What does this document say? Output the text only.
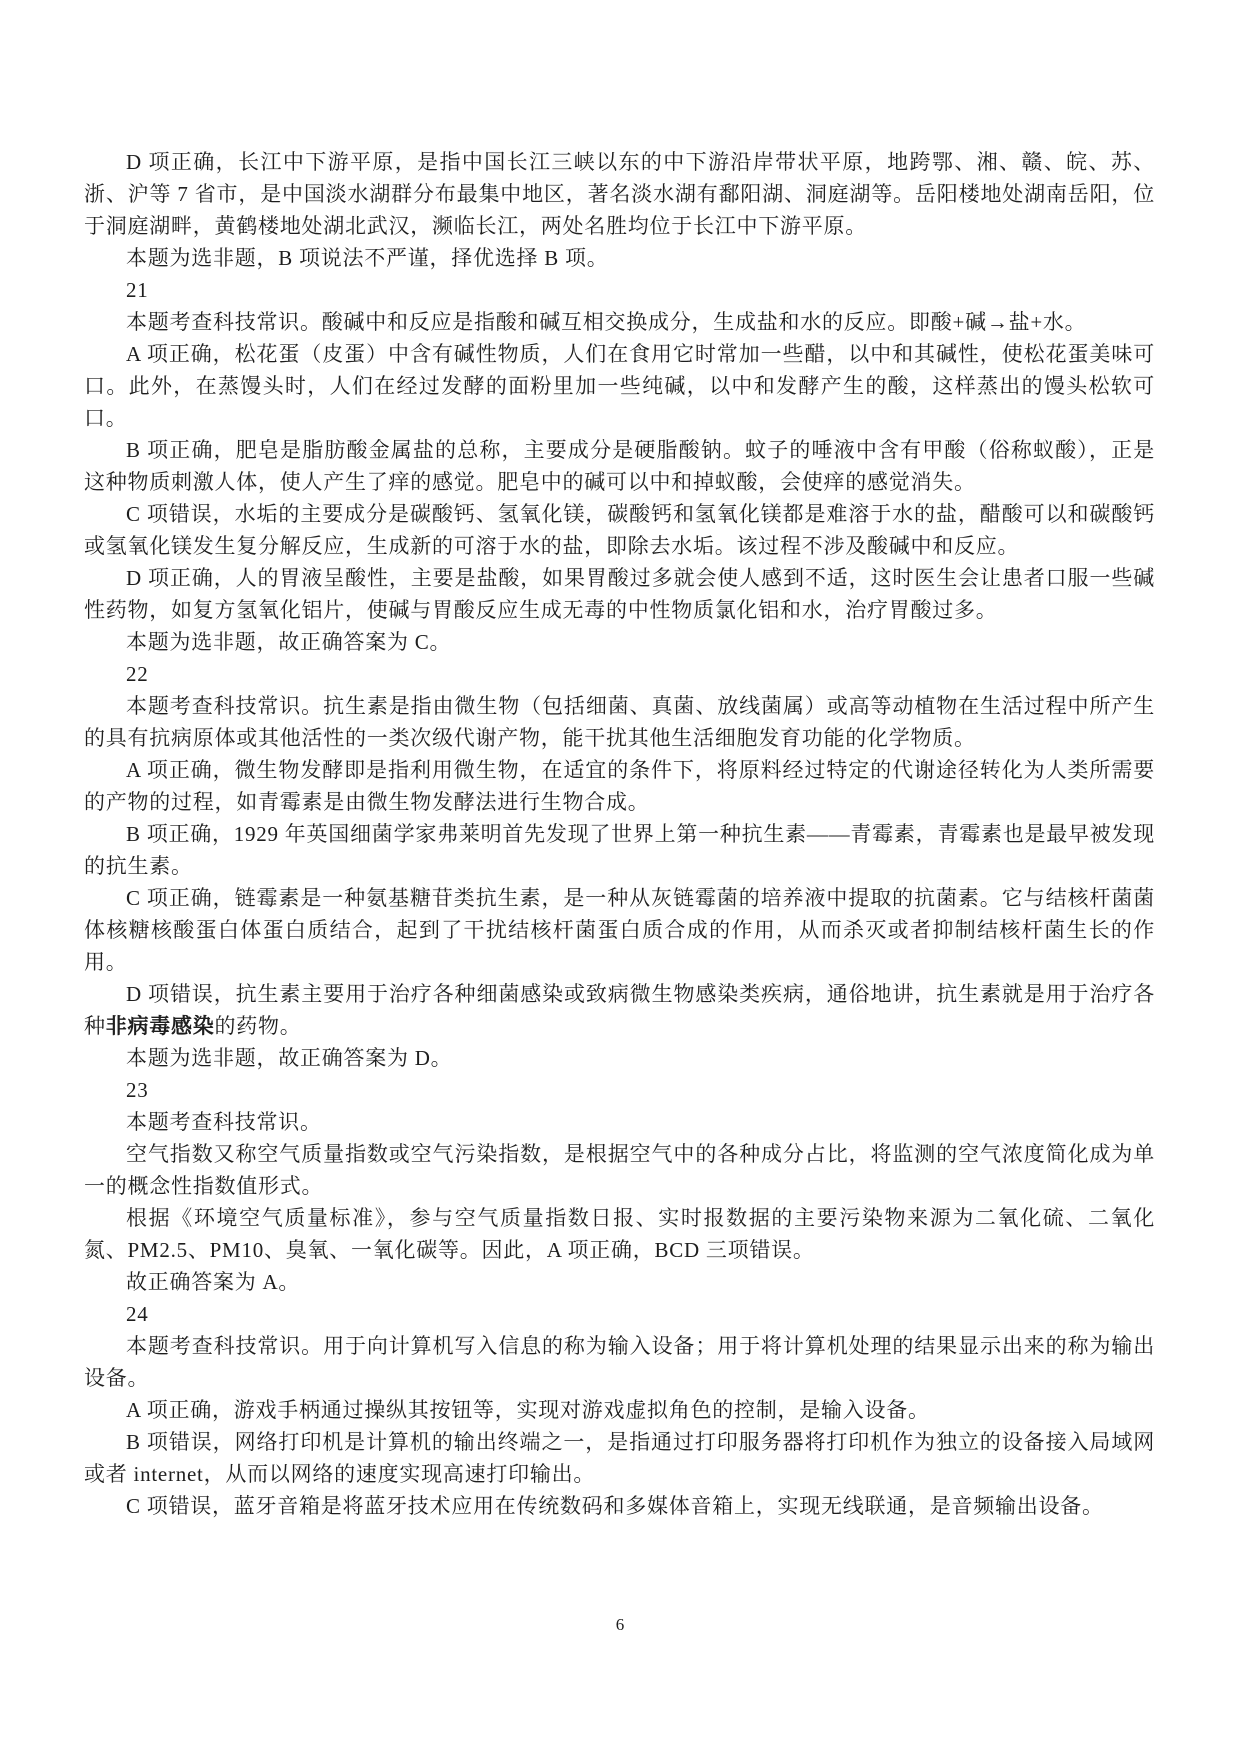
D 项正确，长江中下游平原，是指中国长江三峡以东的中下游沿岸带状平原，地跨鄂、湘、赣、皖、苏、浙、沪等 7 省市，是中国淡水湖群分布最集中地区，著名淡水湖有鄱阳湖、洞庭湖等。岳阳楼地处湖南岳阳，位于洞庭湖畔，黄鹤楼地处湖北武汉，濒临长江，两处名胜均位于长江中下游平原。

本题为选非题，B 项说法不严谨，择优选择 B 项。

21

本题考查科技常识。酸碱中和反应是指酸和碱互相交换成分，生成盐和水的反应。即酸+碱→盐+水。

A 项正确，松花蛋（皮蛋）中含有碱性物质，人们在食用它时常加一些醋，以中和其碱性，使松花蛋美味可口。此外，在蒸馒头时，人们在经过发酵的面粉里加一些纯碱，以中和发酵产生的酸，这样蒸出的馒头松软可口。

B 项正确，肥皂是脂肪酸金属盐的总称，主要成分是硬脂酸钠。蚊子的唾液中含有甲酸（俗称蚁酸），正是这种物质刺激人体，使人产生了痒的感觉。肥皂中的碱可以中和掉蚁酸，会使痒的感觉消失。

C 项错误，水垢的主要成分是碳酸钙、氢氧化镁，碳酸钙和氢氧化镁都是难溶于水的盐，醋酸可以和碳酸钙或氢氧化镁发生复分解反应，生成新的可溶于水的盐，即除去水垢。该过程不涉及酸碱中和反应。

D 项正确，人的胃液呈酸性，主要是盐酸，如果胃酸过多就会使人感到不适，这时医生会让患者口服一些碱性药物，如复方氢氧化铝片，使碱与胃酸反应生成无毒的中性物质氯化铝和水，治疗胃酸过多。

本题为选非题，故正确答案为 C。

22

本题考查科技常识。抗生素是指由微生物（包括细菌、真菌、放线菌属）或高等动植物在生活过程中所产生的具有抗病原体或其他活性的一类次级代谢产物，能干扰其他生活细胞发育功能的化学物质。

A 项正确，微生物发酵即是指利用微生物，在适宜的条件下，将原料经过特定的代谢途径转化为人类所需要的产物的过程，如青霉素是由微生物发酵法进行生物合成。

B 项正确，1929 年英国细菌学家弗莱明首先发现了世界上第一种抗生素——青霉素，青霉素也是最早被发现的抗生素。

C 项正确，链霉素是一种氨基糖苷类抗生素，是一种从灰链霉菌的培养液中提取的抗菌素。它与结核杆菌菌体核糖核酸蛋白体蛋白质结合，起到了干扰结核杆菌蛋白质合成的作用，从而杀灭或者抑制结核杆菌生长的作用。

D 项错误，抗生素主要用于治疗各种细菌感染或致病微生物感染类疾病，通俗地讲，抗生素就是用于治疗各种非病毒感染的药物。

本题为选非题，故正确答案为 D。

23

本题考查科技常识。

空气指数又称空气质量指数或空气污染指数，是根据空气中的各种成分占比，将监测的空气浓度简化成为单一的概念性指数值形式。

根据《环境空气质量标准》，参与空气质量指数日报、实时报数据的主要污染物来源为二氧化硫、二氧化氮、PM2.5、PM10、臭氧、一氧化碳等。因此，A 项正确，BCD 三项错误。

故正确答案为 A。

24

本题考查科技常识。用于向计算机写入信息的称为输入设备；用于将计算机处理的结果显示出来的称为输出设备。

A 项正确，游戏手柄通过操纵其按钮等，实现对游戏虚拟角色的控制，是输入设备。

B 项错误，网络打印机是计算机的输出终端之一，是指通过打印服务器将打印机作为独立的设备接入局域网或者 internet，从而以网络的速度实现高速打印输出。

C 项错误，蓝牙音箱是将蓝牙技术应用在传统数码和多媒体音箱上，实现无线联通，是音频输出设备。

6
